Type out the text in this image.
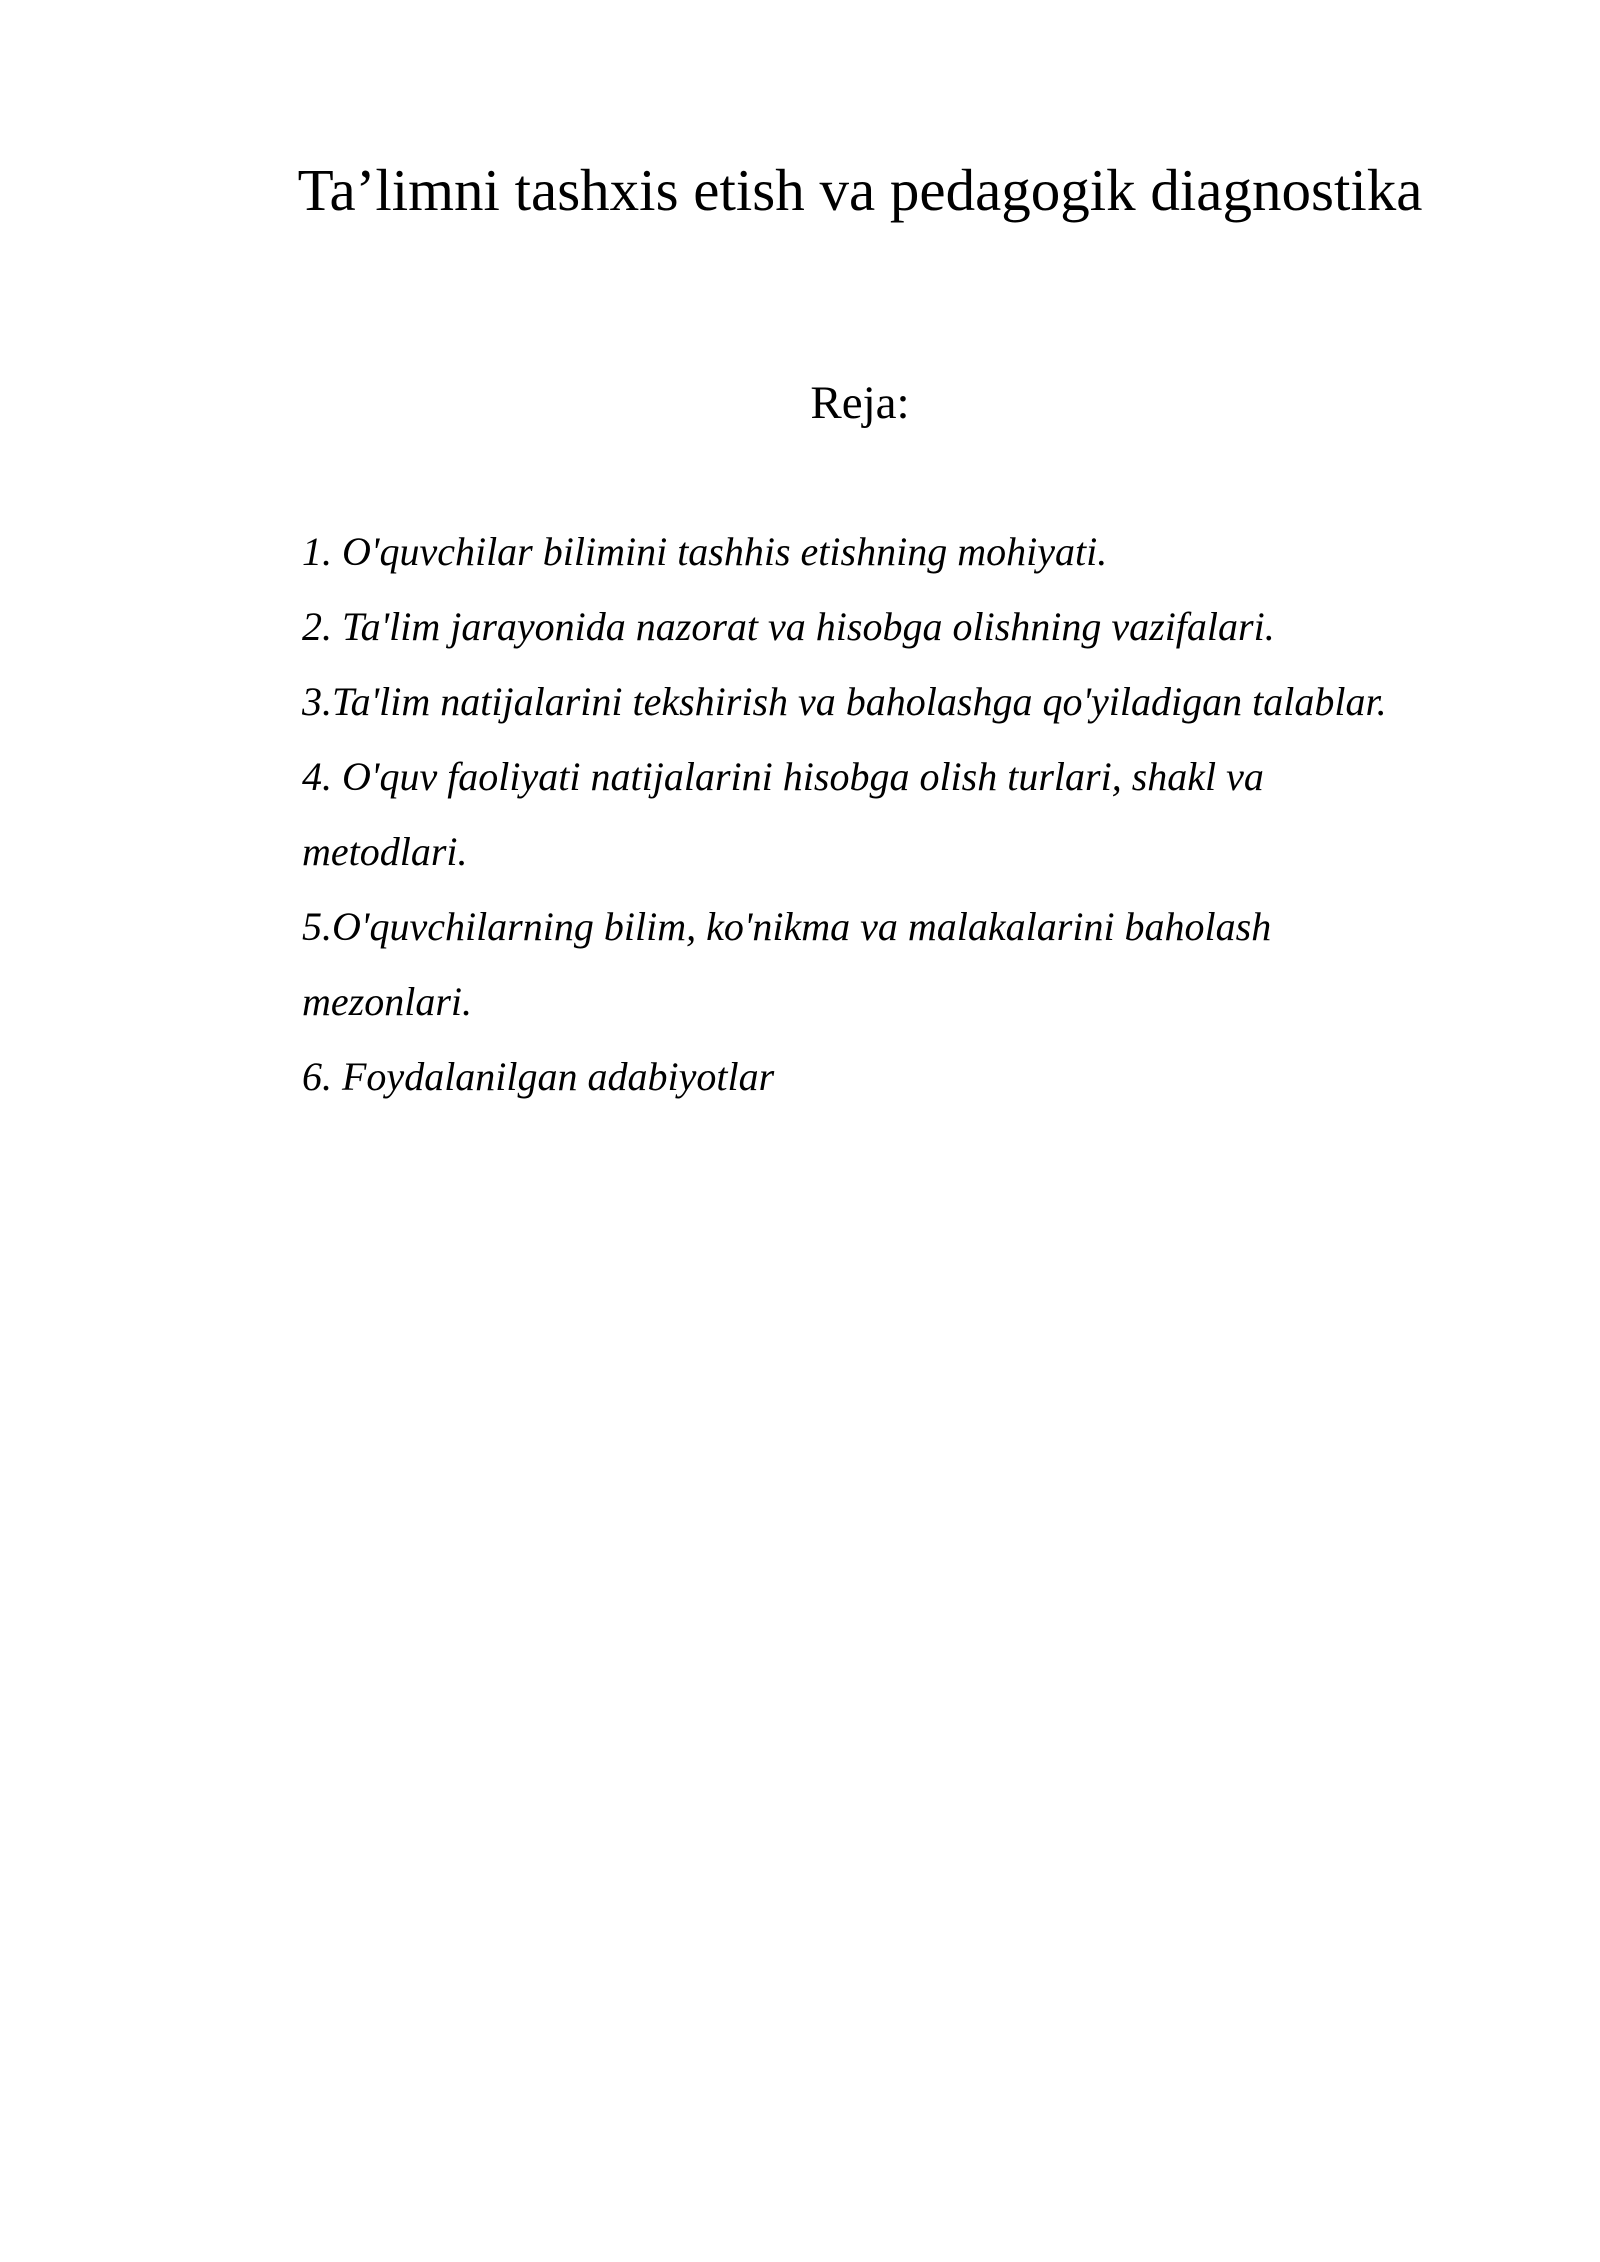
Ta’limni tashxis etish va pedagogik diagnostika
Reja:
1. O'quvchilar bilimini tashhis etishning mohiyati.
2. Ta'lim jarayonida nazorat va hisobga olishning vazifalari.
3.Ta'lim natijalarini tekshirish va baholashga qo'yiladigan talablar.
4. O'quv faoliyati natijalarini hisobga olish turlari, shakl va
metodlari.
5.O'quvchilarning bilim, ko'nikma va malakalarini baholash
mezonlari.
6. Foydalanilgan adabiyotlar
